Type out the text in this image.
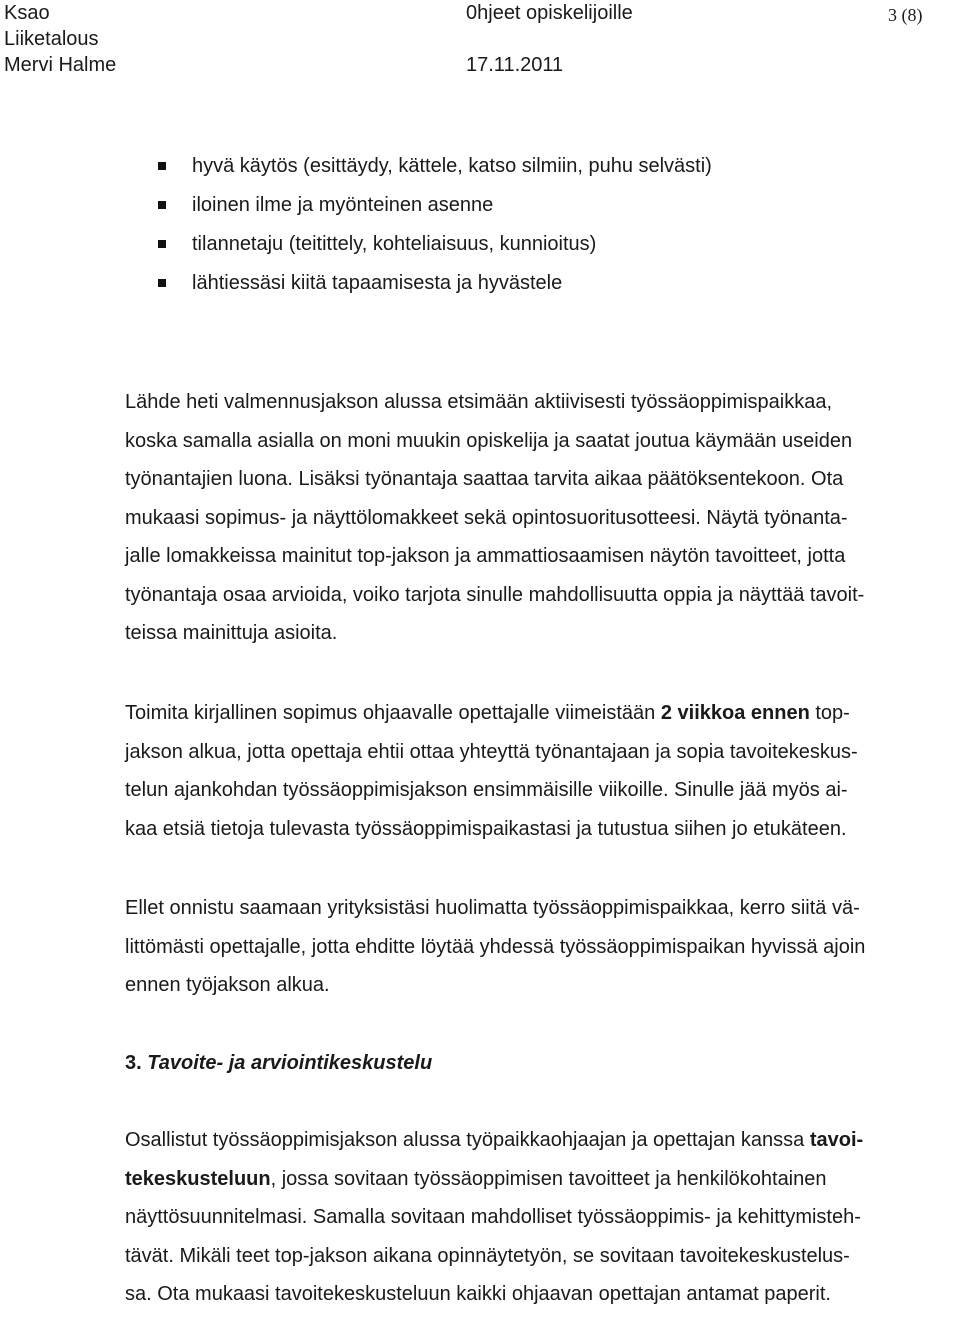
Ksao
Liiketalous
Mervi Halme
0hjeet opiskelijoille
17.11.2011
3 (8)
hyvä käytös (esittäydy, kättele, katso silmiin, puhu selvästi)
iloinen ilme ja myönteinen asenne
tilannetaju (teitittely, kohteliaisuus, kunnioitus)
lähtiessäsi kiitä tapaamisesta ja hyvästele
Lähde heti valmennusjakson alussa etsimään aktiivisesti työssäoppimispaikkaa,
koska samalla asialla on moni muukin opiskelija ja saatat joutua käymään useiden
työnantajien luona. Lisäksi työnantaja saattaa tarvita aikaa päätöksentekoon. Ota
mukaasi sopimus- ja näyttölomakkeet sekä opintosuoritusotteesi. Näytä työnanta-
jalle lomakkeissa mainitut top-jakson ja ammattiosaamisen näytön tavoitteet, jotta
työnantaja osaa arvioida, voiko tarjota sinulle mahdollisuutta oppia ja näyttää tavoit-
teissa mainittuja asioita.
Toimita kirjallinen sopimus ohjaavalle opettajalle viimeistään 2 viikkoa ennen top-
jakson alkua, jotta opettaja ehtii ottaa yhteyttä työnantajaan ja sopia tavoitekeskus-
telun ajankohdan työssäoppimisjakson ensimmäisille viikoille. Sinulle jää myös ai-
kaa etsiä tietoja tulevasta työssäoppimispaikastasi ja tutustua siihen jo etukäteen.
Ellet onnistu saamaan yrityksistäsi huolimatta työssäoppimispaikkaa, kerro siitä vä-
littömästi opettajalle, jotta ehditte löytää yhdessä työssäoppimispaikan hyvissä ajoin
ennen työjakson alkua.
3. Tavoite- ja arviointikeskustelu
Osallistut työssäoppimisjakson alussa työpaikkaohjaajan ja opettajan kanssa tavoi-
tekeskusteluun, jossa sovitaan työssäoppimisen tavoitteet ja henkilökohtainen
näyttösuunnitelmasi. Samalla sovitaan mahdolliset työssäoppimis- ja kehittymisteh-
tävät. Mikäli teet top-jakson aikana opinnäytetyön, se sovitaan tavoitekeskustelus-
sa. Ota mukaasi tavoitekeskusteluun kaikki ohjaavan opettajan antamat paperit.
